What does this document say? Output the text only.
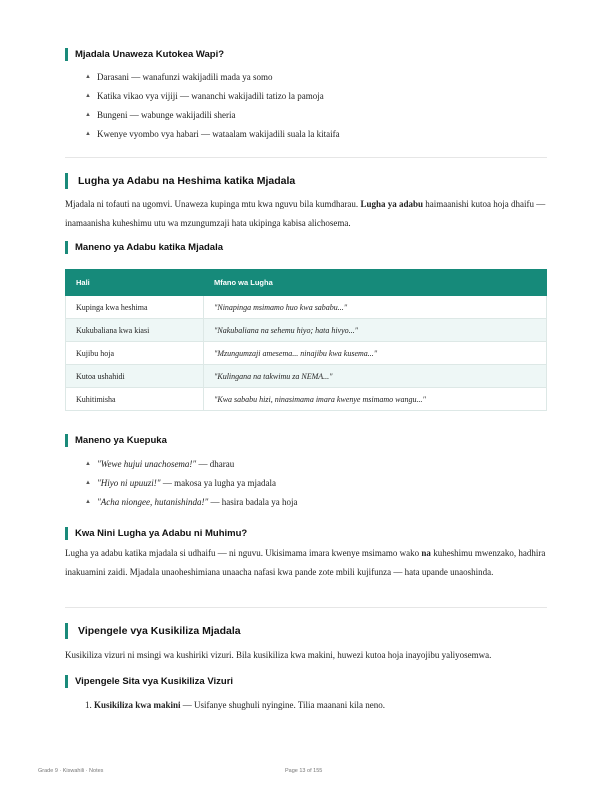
Mjadala Unaweza Kutokea Wapi?
▲ Darasani — wanafunzi wakijadili mada ya somo
▲ Katika vikao vya vijiji — wananchi wakijadili tatizo la pamoja
▲ Bungeni — wabunge wakijadili sheria
▲ Kwenye vyombo vya habari — wataalam wakijadili suala la kitaifa
Lugha ya Adabu na Heshima katika Mjadala

Mjadala ni tofauti na ugomvi. Unaweza kupinga mtu kwa nguvu bila kumdharau. Lugha ya adabu haimaanishi kutoa hoja dhaifu — inamaanisha kuheshimu utu wa mzungumzaji hata ukipinga kabisa alichosema.

Maneno ya Adabu katika Mjadala
Hali	Mfano wa Lugha
Kupinga kwa heshima	"Ninapinga msimamo huo kwa sababu..."
Kukubaliana kwa kiasi	"Nakubaliana na sehemu hiyo; hata hivyo..."
Kujibu hoja	"Mzungumzaji amesema... ninajibu kwa kusema..."
Kutoa ushahidi	"Kulingana na takwimu za NEMA..."
Kuhitimisha	"Kwa sababu hizi, ninasimama imara kwenye msimamo wangu..."
Maneno ya Kuepuka
▲ "Wewe hujui unachosema!" — dharau
▲ "Hiyo ni upuuzi!" — makosa ya lugha ya mjadala
▲ "Acha niongee, hutanishinda!" — hasira badala ya hoja
Kwa Nini Lugha ya Adabu ni Muhimu?

Lugha ya adabu katika mjadala si udhaifu — ni nguvu. Ukisimama imara kwenye msimamo wako na kuheshimu mwenzako, hadhira inakuamini zaidi. Mjadala unaoheshimiana unaacha nafasi kwa pande zote mbili kujifunza — hata upande unaoshinda.

Vipengele vya Kusikiliza Mjadala

Kusikiliza vizuri ni msingi wa kushiriki vizuri. Bila kusikiliza kwa makini, huwezi kutoa hoja inayojibu yaliyosemwa.

Vipengele Sita vya Kusikiliza Vizuri
1. Kusikiliza kwa makini — Usifanye shughuli nyingine. Tilia maanani kila neno.
Grade 9 · Kiswahili · Notes	Page 13 of 155
